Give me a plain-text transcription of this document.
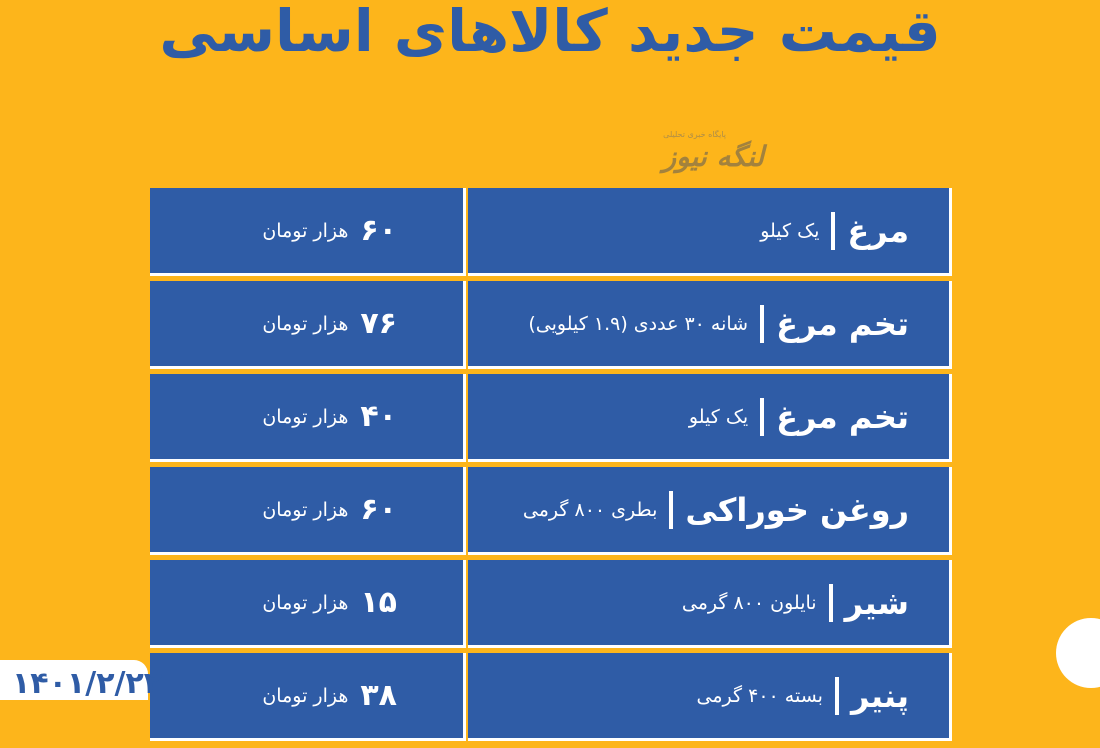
قیمت جدید کالاهای اساسی
پایگاه خبری تحلیلی
لنگه نیوز
مرغ
یک کیلو
۶۰
هزار تومان
تخم مرغ
شانه ۳۰ عددی (۱.۹ کیلویی)
۷۶
هزار تومان
تخم مرغ
یک کیلو
۴۰
هزار تومان
روغن خوراکی
بطری ۸۰۰ گرمی
۶۰
هزار تومان
شیر
نایلون ۸۰۰ گرمی
۱۵
هزار تومان
پنیر
بسته ۴۰۰ گرمی
۳۸
هزار تومان
۱۴۰۱/۲/۲۲
